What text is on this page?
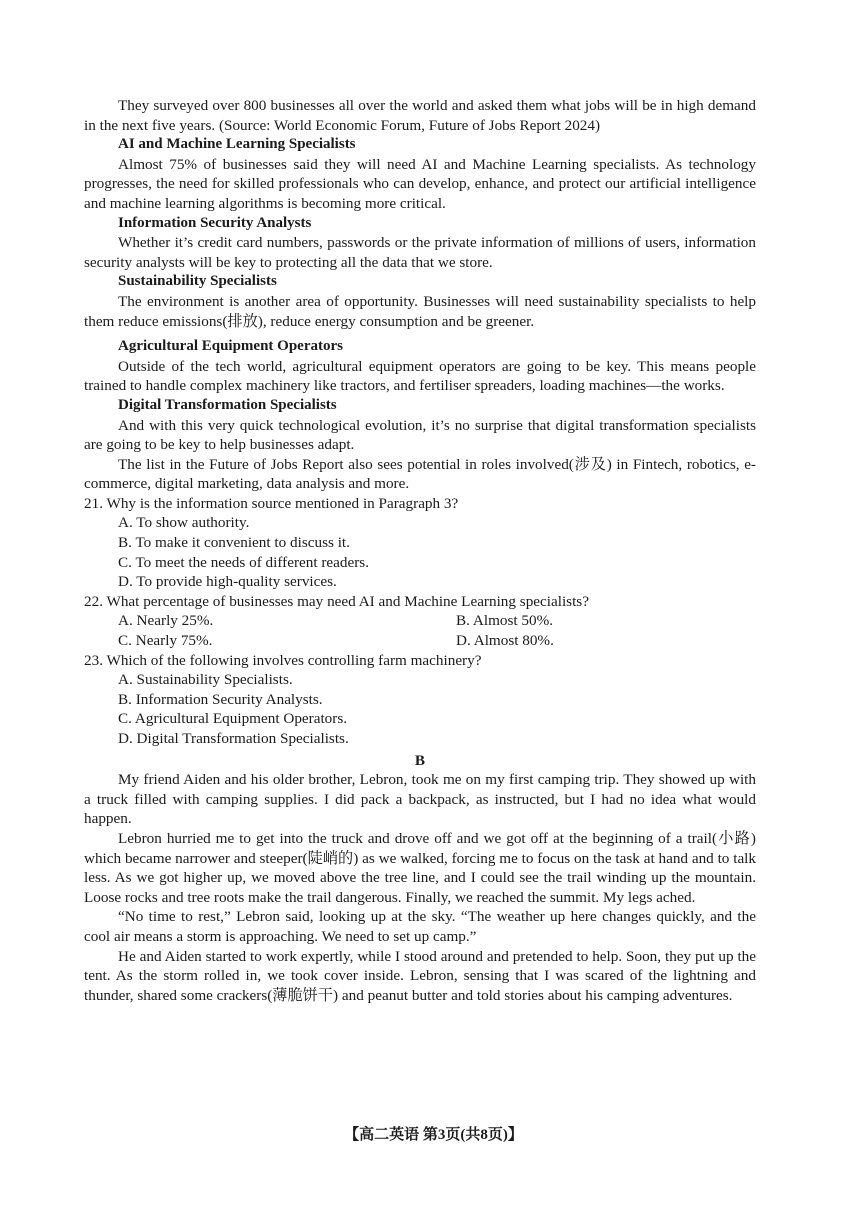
They surveyed over 800 businesses all over the world and asked them what jobs will be in high demand in the next five years. (Source: World Economic Forum, Future of Jobs Report 2024)

AI and Machine Learning Specialists

Almost 75% of businesses said they will need AI and Machine Learning specialists. As technology progresses, the need for skilled professionals who can develop, enhance, and protect our artificial intelligence and machine learning algorithms is becoming more critical.

Information Security Analysts

Whether it’s credit card numbers, passwords or the private information of millions of users, information security analysts will be key to protecting all the data that we store.

Sustainability Specialists

The environment is another area of opportunity. Businesses will need sustainability specialists to help them reduce emissions(排放), reduce energy consumption and be greener.

Agricultural Equipment Operators

Outside of the tech world, agricultural equipment operators are going to be key. This means people trained to handle complex machinery like tractors, and fertiliser spreaders, loading machines—the works.

Digital Transformation Specialists

And with this very quick technological evolution, it’s no surprise that digital transformation specialists are going to be key to help businesses adapt.

The list in the Future of Jobs Report also sees potential in roles involved(涉及) in Fintech, robotics, e-commerce, digital marketing, data analysis and more.

21. Why is the information source mentioned in Paragraph 3?

A. To show authority.

B. To make it convenient to discuss it.

C. To meet the needs of different readers.

D. To provide high-quality services.

22. What percentage of businesses may need AI and Machine Learning specialists?

A. Nearly 25%.	B. Almost 50%.
C. Nearly 75%.	D. Almost 80%.

23. Which of the following involves controlling farm machinery?

A. Sustainability Specialists.

B. Information Security Analysts.

C. Agricultural Equipment Operators.

D. Digital Transformation Specialists.

B

My friend Aiden and his older brother, Lebron, took me on my first camping trip. They showed up with a truck filled with camping supplies. I did pack a backpack, as instructed, but I had no idea what would happen.

Lebron hurried me to get into the truck and drove off and we got off at the beginning of a trail(小路) which became narrower and steeper(陡峭的) as we walked, forcing me to focus on the task at hand and to talk less. As we got higher up, we moved above the tree line, and I could see the trail winding up the mountain. Loose rocks and tree roots make the trail dangerous. Finally, we reached the summit. My legs ached.

“No time to rest,” Lebron said, looking up at the sky. “The weather up here changes quickly, and the cool air means a storm is approaching. We need to set up camp.”

He and Aiden started to work expertly, while I stood around and pretended to help. Soon, they put up the tent. As the storm rolled in, we took cover inside. Lebron, sensing that I was scared of the lightning and thunder, shared some crackers(薄脆饼干) and peanut butter and told stories about his camping adventures.

【高二英语 第3页(共8页)】
